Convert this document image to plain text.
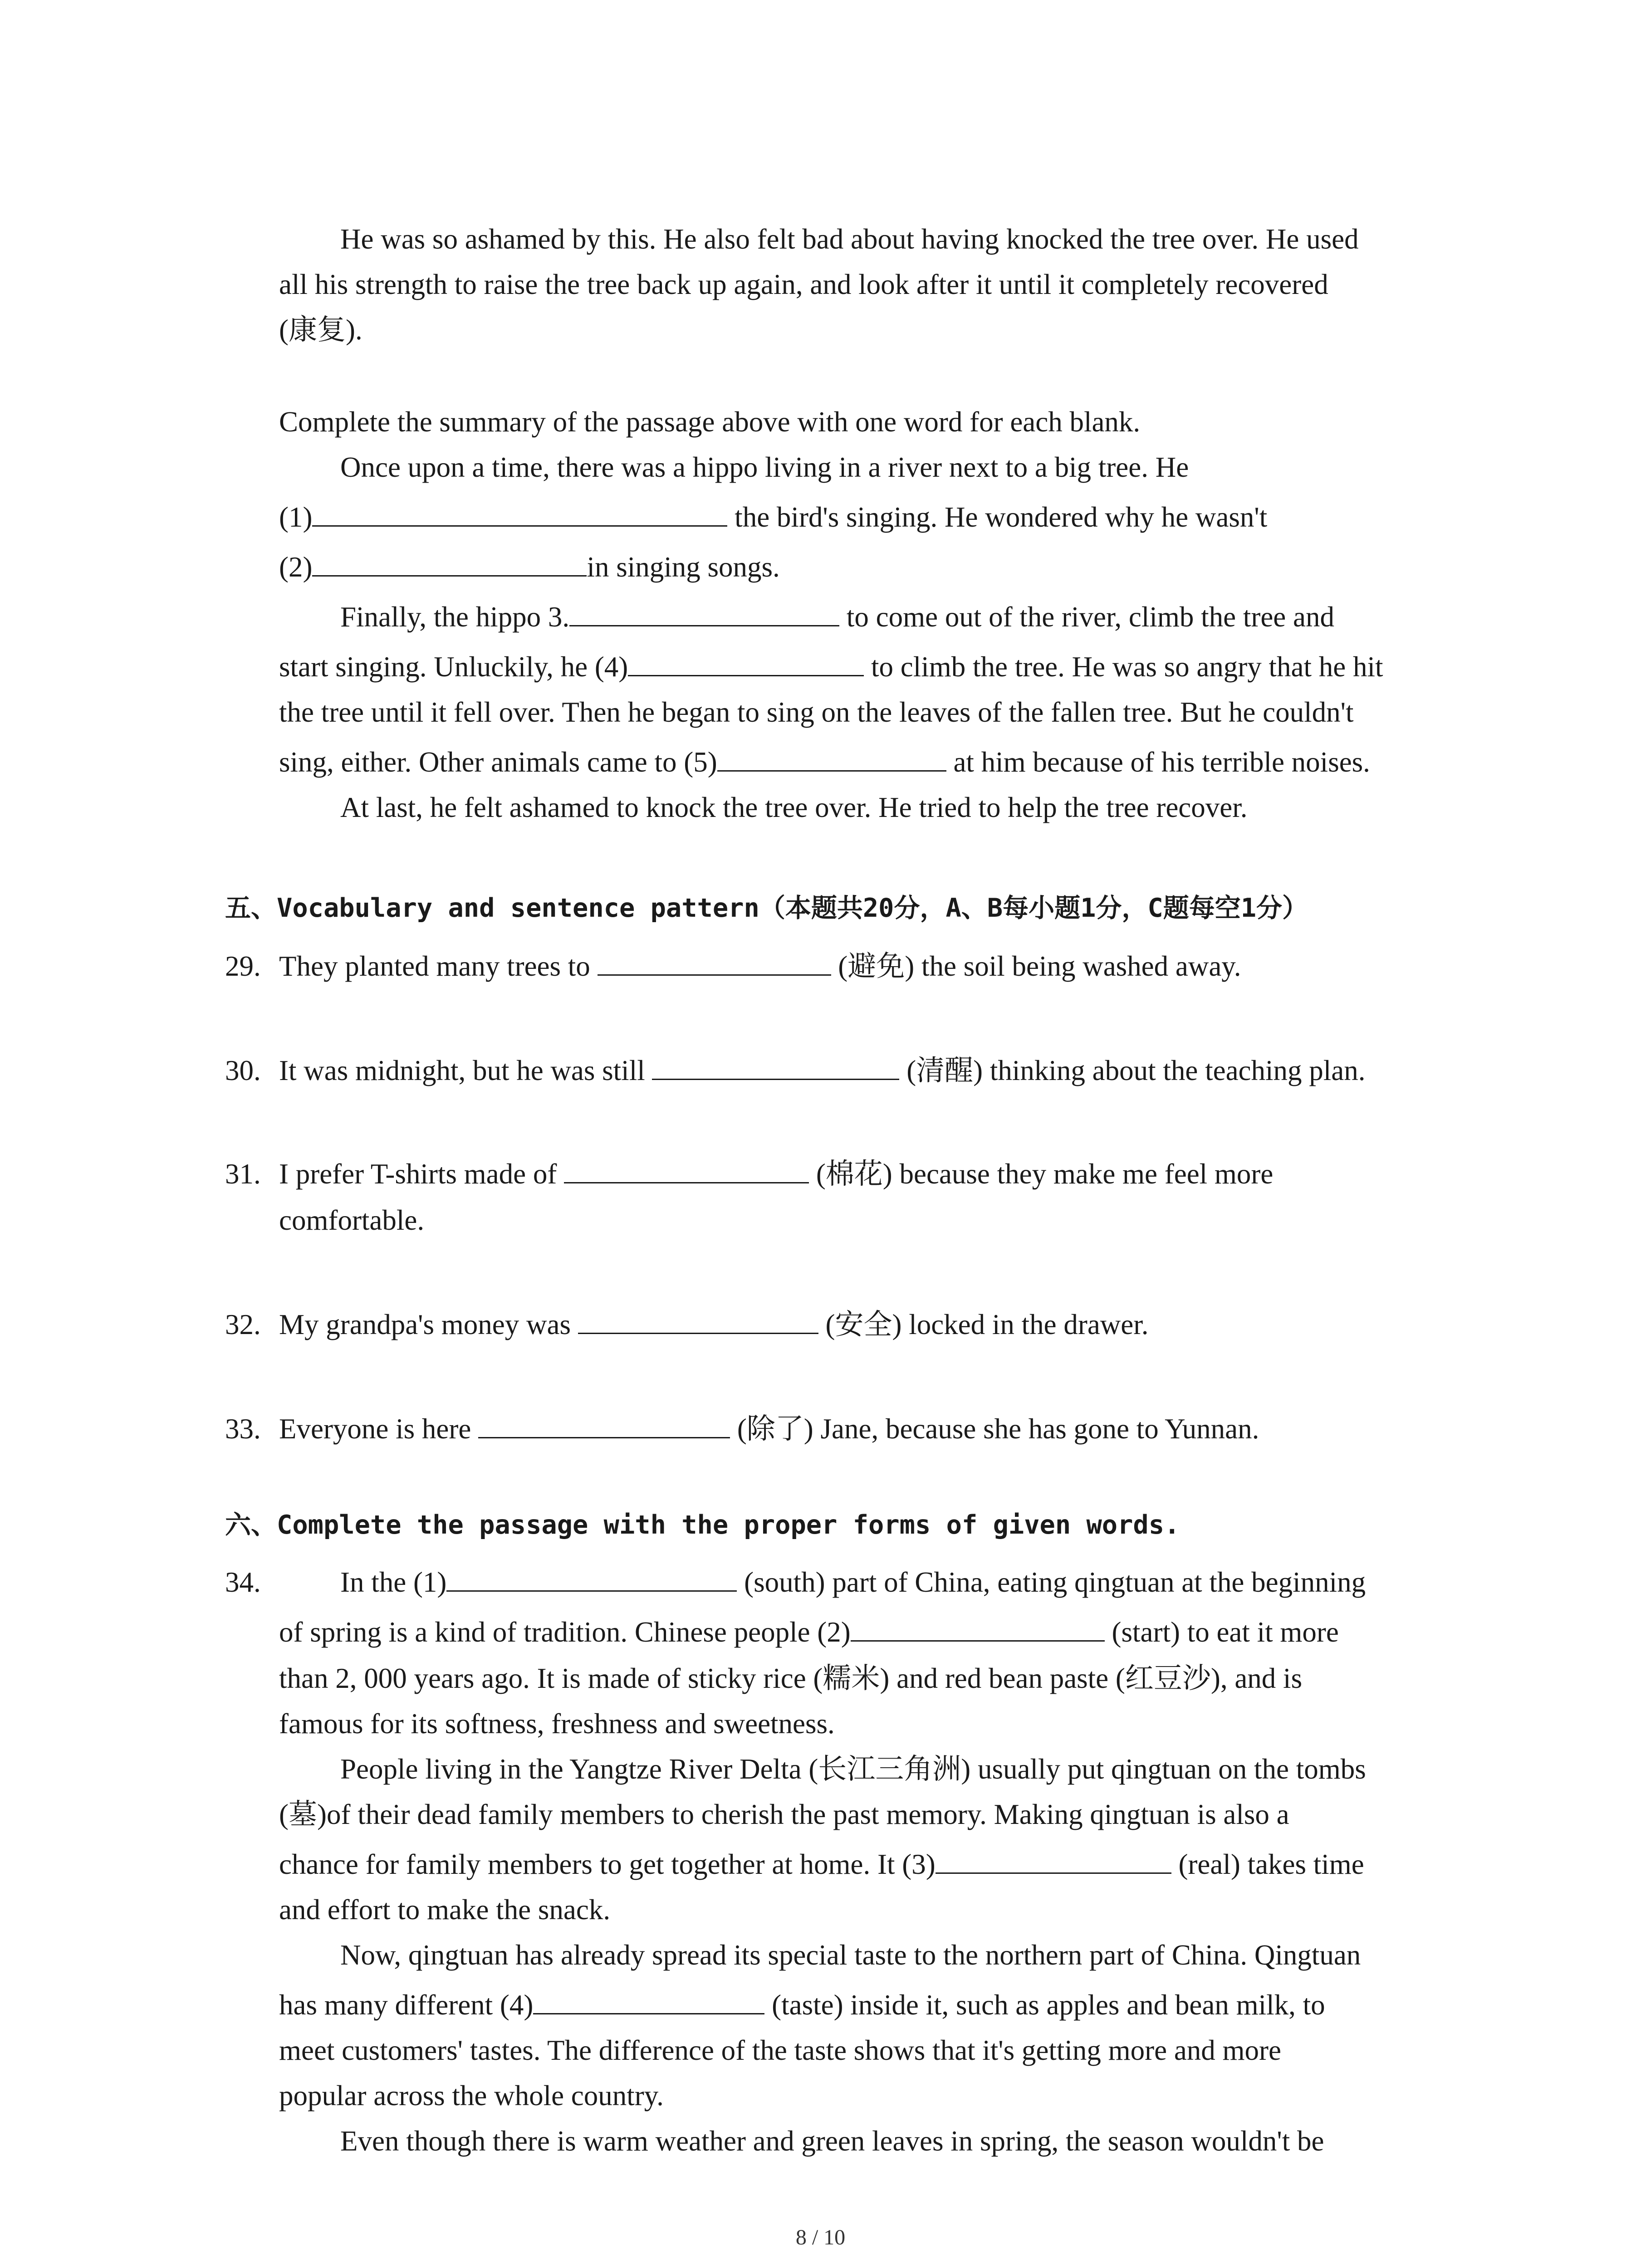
He was so ashamed by this. He also felt bad about having knocked the tree over. He used
all his strength to raise the tree back up again, and look after it until it completely recovered
(康复).
Complete the summary of the passage above with one word for each blank.
Once upon a time, there was a hippo living in a river next to a big tree. He
(1)	the bird's singing. He wondered why he wasn't
(2)	in singing songs.
Finally, the hippo 3.	to come out of the river, climb the tree and
start singing. Unluckily, he (4)	to climb the tree. He was so angry that he hit
the tree until it fell over. Then he began to sing on the leaves of the fallen tree. But he couldn't
sing, either. Other animals came to (5)	at him because of his terrible noises.
At last, he felt ashamed to knock the tree over. He tried to help the tree recover.
五、Vocabulary and sentence pattern（本题共20分，A、B每小题1分，C题每空1分）
29. They planted many trees to	(避免) the soil being washed away.
30. It was midnight, but he was still	(清醒) thinking about the teaching plan.
31. I prefer T-shirts made of	(棉花) because they make me feel more
comfortable.
32. My grandpa's money was	(安全) locked in the drawer.
33. Everyone is here	(除了) Jane, because she has gone to Yunnan.
六、Complete the passage with the proper forms of given words.
34.	In the (1)	(south) part of China, eating qingtuan at the beginning
of spring is a kind of tradition. Chinese people (2)	(start) to eat it more
than 2, 000 years ago. It is made of sticky rice (糯米) and red bean paste (红豆沙), and is
famous for its softness, freshness and sweetness.
People living in the Yangtze River Delta (长江三角洲) usually put qingtuan on the tombs
(墓)of their dead family members to cherish the past memory. Making qingtuan is also a
chance for family members to get together at home. It (3)	(real) takes time
and effort to make the snack.
Now, qingtuan has already spread its special taste to the northern part of China. Qingtuan
has many different (4)	(taste) inside it, such as apples and bean milk, to
meet customers' tastes. The difference of the taste shows that it's getting more and more
popular across the whole country.
Even though there is warm weather and green leaves in spring, the season wouldn't be
8 / 10
